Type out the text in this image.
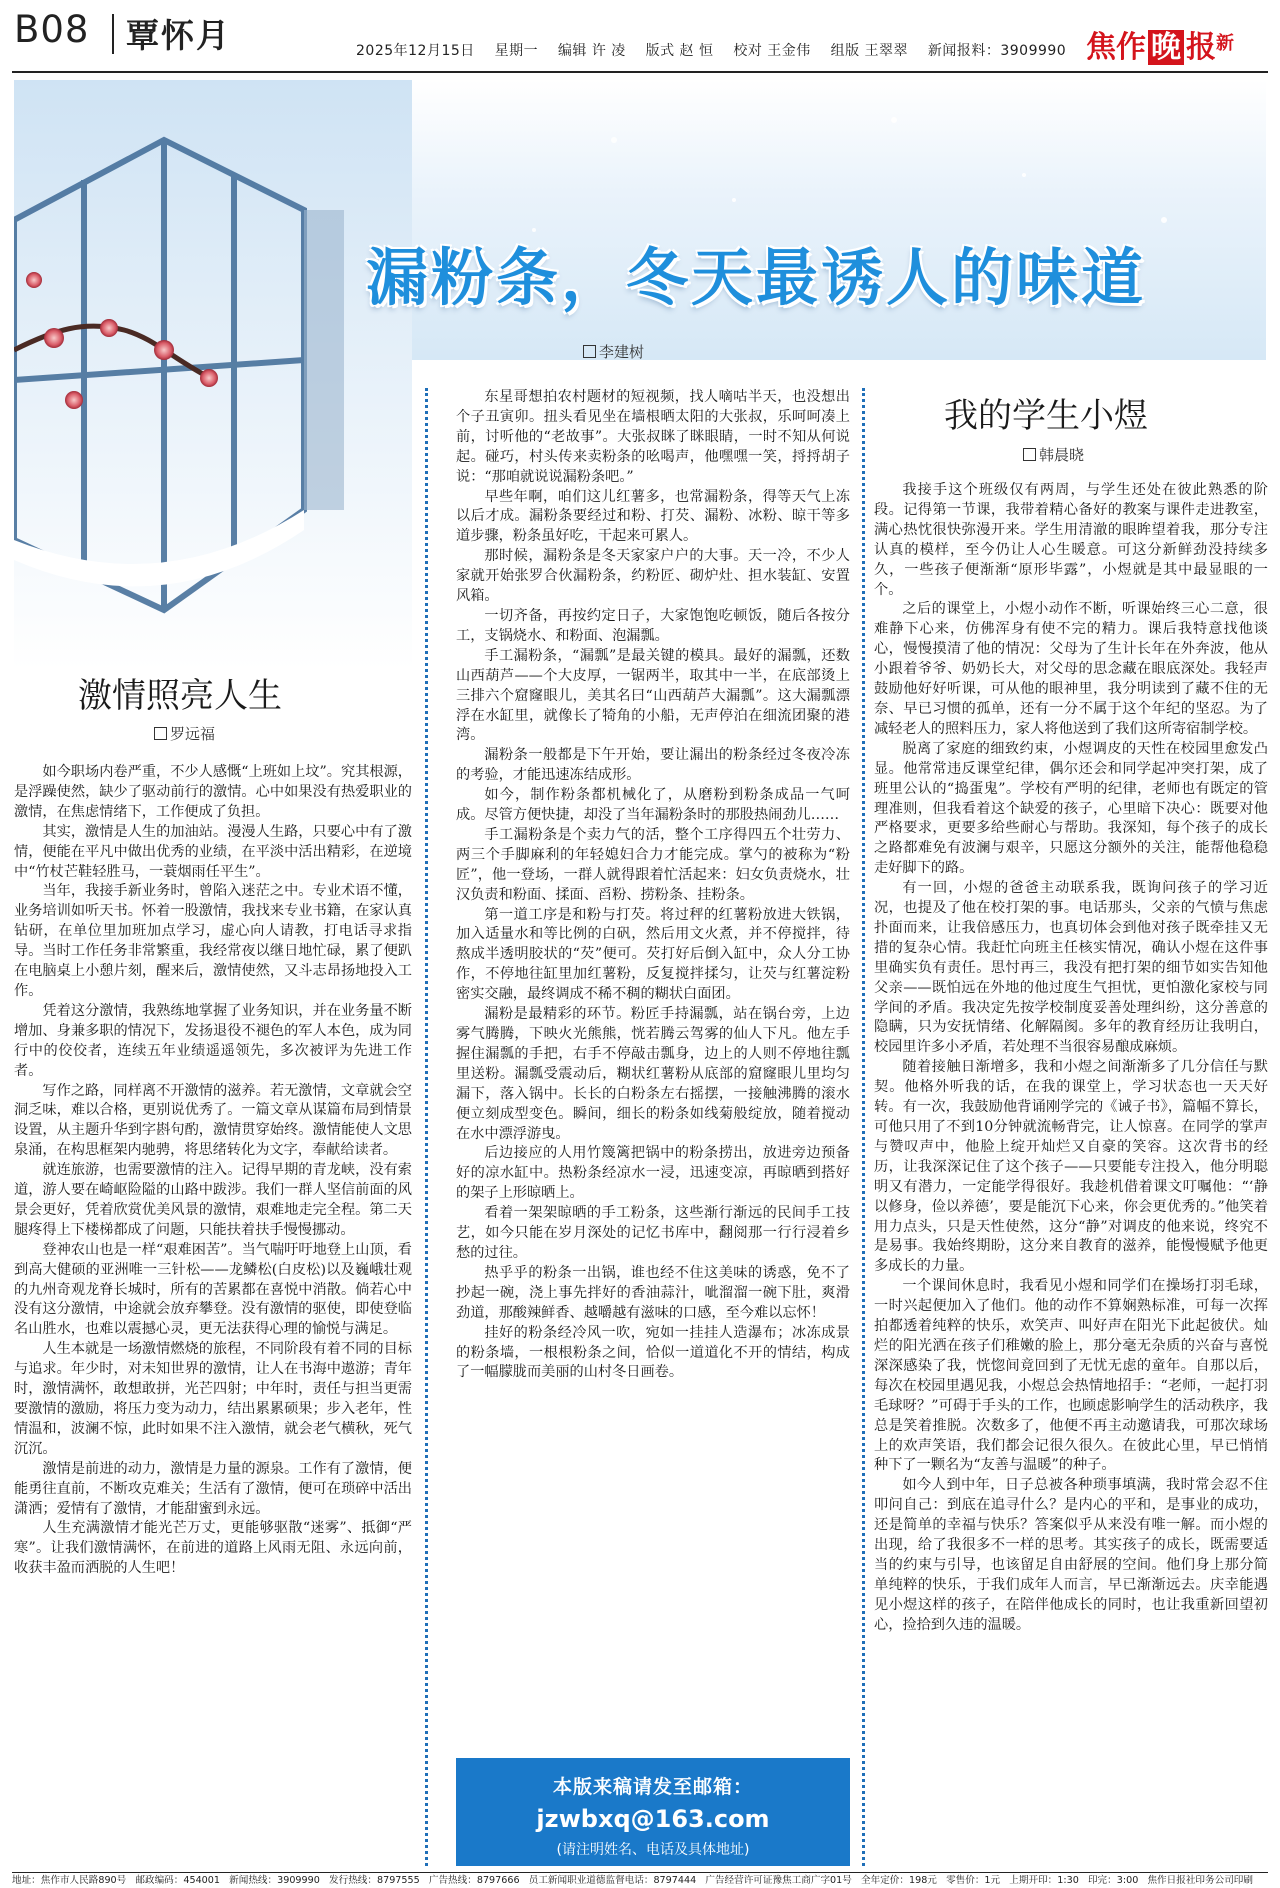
B08 覃怀月	2025年12月15日 星期一 编辑 许 凌 版式 赵 恒 校对 王金伟 组版 王翠翠 新闻报料：3909990 焦作 晚 报$^新$
漏粉条，冬天最诱人的味道
李建树
激情照亮人生
罗远福

如今职场内卷严重，不少人感慨“上班如上坟”。究其根源，是浮躁使然，缺少了驱动前行的激情。心中如果没有热爱职业的激情，在焦虑情绪下，工作便成了负担。

其实，激情是人生的加油站。漫漫人生路，只要心中有了激情，便能在平凡中做出优秀的业绩，在平淡中活出精彩，在逆境中“竹杖芒鞋轻胜马，一蓑烟雨任平生”。

当年，我接手新业务时，曾陷入迷茫之中。专业术语不懂，业务培训如听天书。怀着一股激情，我找来专业书籍，在家认真钻研，在单位里加班加点学习，虚心向人请教，打电话寻求指导。当时工作任务非常繁重，我经常夜以继日地忙碌，累了便趴在电脑桌上小憩片刻，醒来后，激情使然，又斗志昂扬地投入工作。

凭着这分激情，我熟练地掌握了业务知识，并在业务量不断增加、身兼多职的情况下，发扬退役不褪色的军人本色，成为同行中的佼佼者，连续五年业绩遥遥领先，多次被评为先进工作者。

写作之路，同样离不开激情的滋养。若无激情，文章就会空洞乏味，难以合格，更别说优秀了。一篇文章从谋篇布局到情景设置，从主题升华到字斟句酌，激情贯穿始终。激情能使人文思泉涌，在构思框架内驰骋，将思绪转化为文字，奉献给读者。

就连旅游，也需要激情的注入。记得早期的青龙峡，没有索道，游人要在崎岖险隘的山路中跋涉。我们一群人坚信前面的风景会更好，凭着欣赏优美风景的激情，艰难地走完全程。第二天腿疼得上下楼梯都成了问题，只能扶着扶手慢慢挪动。

登神农山也是一样“艰难困苦”。当气喘吁吁地登上山顶，看到高大健硕的亚洲唯一三针松——龙鳞松(白皮松)以及巍峨壮观的九州奇观龙脊长城时，所有的苦累都在喜悦中消散。倘若心中没有这分激情，中途就会放弃攀登。没有激情的驱使，即使登临名山胜水，也难以震撼心灵，更无法获得心理的愉悦与满足。

人生本就是一场激情燃烧的旅程，不同阶段有着不同的目标与追求。年少时，对未知世界的激情，让人在书海中遨游；青年时，激情满怀，敢想敢拼，光芒四射；中年时，责任与担当更需要激情的激励，将压力变为动力，结出累累硕果；步入老年，性情温和，波澜不惊，此时如果不注入激情，就会老气横秋，死气沉沉。

激情是前进的动力，激情是力量的源泉。工作有了激情，便能勇往直前，不断攻克难关；生活有了激情，便可在琐碎中活出潇洒；爱情有了激情，才能甜蜜到永远。

人生充满激情才能光芒万丈，更能够驱散“迷雾”、抵御“严寒”。让我们激情满怀，在前进的道路上风雨无阻、永远向前，收获丰盈而洒脱的人生吧！

东星哥想拍农村题材的短视频，找人嘀咕半天，也没想出个子丑寅卯。扭头看见坐在墙根晒太阳的大张叔，乐呵呵凑上前，讨听他的“老故事”。大张叔眯了眯眼睛，一时不知从何说起。碰巧，村头传来卖粉条的吆喝声，他嘿嘿一笑，捋捋胡子说：“那咱就说说漏粉条吧。”

早些年啊，咱们这儿红薯多，也常漏粉条，得等天气上冻以后才成。漏粉条要经过和粉、打芡、漏粉、冰粉、晾干等多道步骤，粉条虽好吃，干起来可累人。

那时候，漏粉条是冬天家家户户的大事。天一冷，不少人家就开始张罗合伙漏粉条，约粉匠、砌炉灶、担水装缸、安置风箱。

一切齐备，再按约定日子，大家饱饱吃顿饭，随后各按分工，支锅烧水、和粉面、泡漏瓢。

手工漏粉条，“漏瓢”是最关键的模具。最好的漏瓢，还数山西葫芦——个大皮厚，一锯两半，取其中一半，在底部烫上三排六个窟窿眼儿，美其名曰“山西葫芦大漏瓢”。这大漏瓢漂浮在水缸里，就像长了犄角的小船，无声停泊在细流团聚的港湾。

漏粉条一般都是下午开始，要让漏出的粉条经过冬夜冷冻的考验，才能迅速冻结成形。

如今，制作粉条都机械化了，从磨粉到粉条成品一气呵成。尽管方便快捷，却没了当年漏粉条时的那股热闹劲儿……

手工漏粉条是个卖力气的活，整个工序得四五个壮劳力、两三个手脚麻利的年轻媳妇合力才能完成。掌勺的被称为“粉匠”，他一登场，一群人就得跟着忙活起来：妇女负责烧水，壮汉负责和粉面、揉面、舀粉、捞粉条、挂粉条。

第一道工序是和粉与打芡。将过秤的红薯粉放进大铁锅，加入适量水和等比例的白矾，然后用文火煮，并不停搅拌，待熬成半透明胶状的“芡”便可。芡打好后倒入缸中，众人分工协作，不停地往缸里加红薯粉，反复搅拌揉匀，让芡与红薯淀粉密实交融，最终调成不稀不稠的糊状白面团。

漏粉是最精彩的环节。粉匠手持漏瓢，站在锅台旁，上边雾气腾腾，下映火光熊熊，恍若腾云驾雾的仙人下凡。他左手握住漏瓢的手把，右手不停敲击瓢身，边上的人则不停地往瓢里送粉。漏瓢受震动后，糊状红薯粉从底部的窟窿眼儿里均匀漏下，落入锅中。长长的白粉条左右摇摆，一接触沸腾的滚水便立刻成型变色。瞬间，细长的粉条如线菊般绽放，随着搅动在水中漂浮游曳。

后边接应的人用竹篾篱把锅中的粉条捞出，放进旁边预备好的凉水缸中。热粉条经凉水一浸，迅速变凉，再晾晒到搭好的架子上形晾晒上。

看着一架架晾晒的手工粉条，这些渐行渐远的民间手工技艺，如今只能在岁月深处的记忆书库中，翻阅那一行行浸着乡愁的过往。

热乎乎的粉条一出锅，谁也经不住这美味的诱惑，免不了抄起一碗，浇上事先拌好的香油蒜汁，呲溜溜一碗下肚，爽滑劲道，那酸辣鲜香、越嚼越有滋味的口感，至今难以忘怀！

挂好的粉条经冷风一吹，宛如一挂挂人造瀑布；冰冻成景的粉条墙，一根根粉条之间，恰似一道道化不开的情结，构成了一幅朦胧而美丽的山村冬日画卷。

本版来稿请发至邮箱：
jzwbxq@163.com
(请注明姓名、电话及具体地址)
我的学生小煜
韩晨晓

我接手这个班级仅有两周，与学生还处在彼此熟悉的阶段。记得第一节课，我带着精心备好的教案与课件走进教室，满心热忱很快弥漫开来。学生用清澈的眼眸望着我，那分专注认真的模样，至今仍让人心生暖意。可这分新鲜劲没持续多久，一些孩子便渐渐“原形毕露”，小煜就是其中最显眼的一个。

之后的课堂上，小煜小动作不断，听课始终三心二意，很难静下心来，仿佛浑身有使不完的精力。课后我特意找他谈心，慢慢摸清了他的情况：父母为了生计长年在外奔波，他从小跟着爷爷、奶奶长大，对父母的思念藏在眼底深处。我轻声鼓励他好好听课，可从他的眼神里，我分明读到了藏不住的无奈、早已习惯的孤单，还有一分不属于这个年纪的坚忍。为了减轻老人的照料压力，家人将他送到了我们这所寄宿制学校。

脱离了家庭的细致约束，小煜调皮的天性在校园里愈发凸显。他常常违反课堂纪律，偶尔还会和同学起冲突打架，成了班里公认的“捣蛋鬼”。学校有严明的纪律，老师也有既定的管理准则，但我看着这个缺爱的孩子，心里暗下决心：既要对他严格要求，更要多给些耐心与帮助。我深知，每个孩子的成长之路都难免有波澜与艰辛，只愿这分额外的关注，能帮他稳稳走好脚下的路。

有一回，小煜的爸爸主动联系我，既询问孩子的学习近况，也提及了他在校打架的事。电话那头，父亲的气愤与焦虑扑面而来，让我倍感压力，也真切体会到他对孩子既牵挂又无措的复杂心情。我赶忙向班主任核实情况，确认小煜在这件事里确实负有责任。思忖再三，我没有把打架的细节如实告知他父亲——既怕远在外地的他过度生气担忧，更怕激化家校与同学间的矛盾。我决定先按学校制度妥善处理纠纷，这分善意的隐瞒，只为安抚情绪、化解隔阂。多年的教育经历让我明白，校园里许多小矛盾，若处理不当很容易酿成麻烦。

随着接触日渐增多，我和小煜之间渐渐多了几分信任与默契。他格外听我的话，在我的课堂上，学习状态也一天天好转。有一次，我鼓励他背诵刚学完的《诫子书》，篇幅不算长，可他只用了不到10分钟就流畅背完，让人惊喜。在同学的掌声与赞叹声中，他脸上绽开灿烂又自豪的笑容。这次背书的经历，让我深深记住了这个孩子——只要能专注投入，他分明聪明又有潜力，一定能学得很好。我趁机借着课文叮嘱他：“‘静以修身，俭以养德’，要是能沉下心来，你会更优秀的。”他笑着用力点头，只是天性使然，这分“静”对调皮的他来说，终究不是易事。我始终期盼，这分来自教育的滋养，能慢慢赋予他更多成长的力量。

一个课间休息时，我看见小煜和同学们在操场打羽毛球，一时兴起便加入了他们。他的动作不算娴熟标准，可每一次挥拍都透着纯粹的快乐，欢笑声、叫好声在阳光下此起彼伏。灿烂的阳光洒在孩子们稚嫩的脸上，那分毫无杂质的兴奋与喜悦深深感染了我，恍惚间竟回到了无忧无虑的童年。自那以后，每次在校园里遇见我，小煜总会热情地招手：“老师，一起打羽毛球呀？”可碍于手头的工作，也顾虑影响学生的活动秩序，我总是笑着推脱。次数多了，他便不再主动邀请我，可那次球场上的欢声笑语，我们都会记很久很久。在彼此心里，早已悄悄种下了一颗名为“友善与温暖”的种子。

如今人到中年，日子总被各种琐事填满，我时常会忍不住叩问自己：到底在追寻什么？是内心的平和，是事业的成功，还是简单的幸福与快乐？答案似乎从来没有唯一解。而小煜的出现，给了我很多不一样的思考。其实孩子的成长，既需要适当的约束与引导，也该留足自由舒展的空间。他们身上那分简单纯粹的快乐，于我们成年人而言，早已渐渐远去。庆幸能遇见小煜这样的孩子，在陪伴他成长的同时，也让我重新回望初心，捡拾到久违的温暖。

地址：焦作市人民路890号 邮政编码：454001 新闻热线：3909990 发行热线：8797555 广告热线：8797666 员工新闻职业道德监督电话：8797444 广告经营许可证豫焦工商广字01号 全年定价：198元 零售价：1元 上期开印：1:30 印完：3:00 焦作日报社印务公司印刷
